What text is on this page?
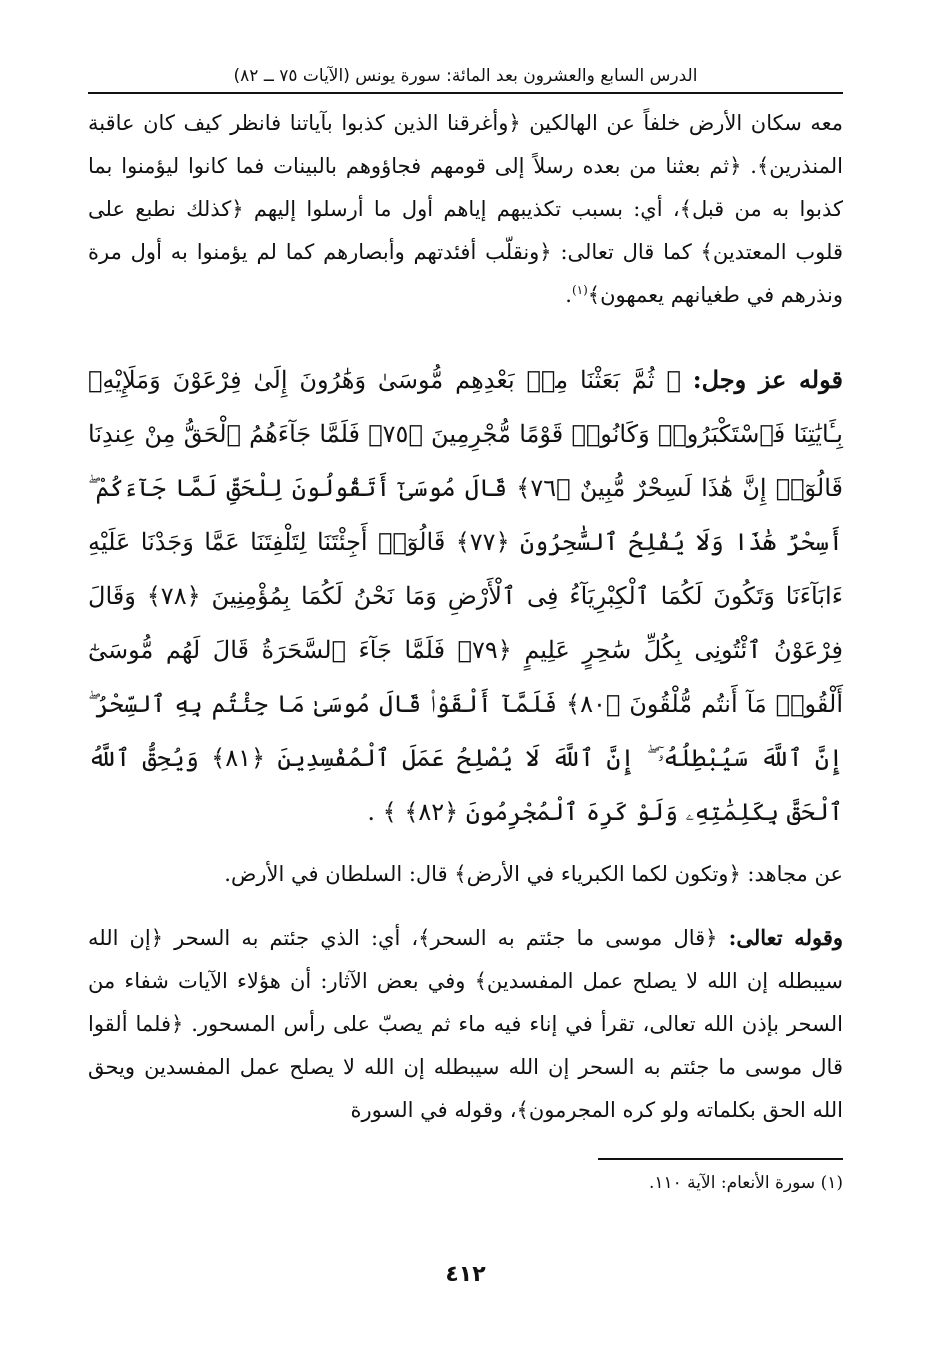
الدرس السابع والعشرون بعد المائة: سورة يونس (الآيات ٧٥ ــ ٨٢)

معه سكان الأرض خلفاً عن الهالكين ﴿وأغرقنا الذين كذبوا بآياتنا فانظر كيف كان عاقبة المنذرين﴾. ﴿ثم بعثنا من بعده رسلاً إلى قومهم فجاؤوهم بالبينات فما كانوا ليؤمنوا بما كذبوا به من قبل﴾، أي: بسبب تكذيبهم إياهم أول ما أرسلوا إليهم ﴿كذلك نطبع على قلوب المعتدين﴾ كما قال تعالى: ﴿ونقلّب أفئدتهم وأبصارهم كما لم يؤمنوا به أول مرة ونذرهم في طغيانهم يعمهون﴾$^{(١)}$.

قوله عز وجل: ﴿ ثُمَّ بَعَثْنَا مِنۢ بَعْدِهِم مُّوسَىٰ وَهَٰرُونَ إِلَىٰ فِرْعَوْنَ وَمَلَإِيْهِۦ بِـَٔايَٰتِنَا فَٱسْتَكْبَرُوا۟ وَكَانُوا۟ قَوْمًا مُّجْرِمِينَ ﴿٧٥﴾ فَلَمَّا جَآءَهُمُ ٱلْحَقُّ مِنْ عِندِنَا قَالُوٓا۟ إِنَّ هَٰذَا لَسِحْرٌ مُّبِينٌ ﴿٧٦﴾ قَالَ مُوسَىٰٓ أَتَقُولُونَ لِلْحَقِّ لَمَّا جَآءَكُمْ ۖ أَسِحْرٌ هَٰذَا وَلَا يُفْلِحُ ٱلسَّٰحِرُونَ ﴿٧٧﴾ قَالُوٓا۟ أَجِئْتَنَا لِتَلْفِتَنَا عَمَّا وَجَدْنَا عَلَيْهِ ءَابَآءَنَا وَتَكُونَ لَكُمَا ٱلْكِبْرِيَآءُ فِى ٱلْأَرْضِ وَمَا نَحْنُ لَكُمَا بِمُؤْمِنِينَ ﴿٧٨﴾ وَقَالَ فِرْعَوْنُ ٱئْتُونِى بِكُلِّ سَٰحِرٍ عَلِيمٍ ﴿٧٩﴾ فَلَمَّا جَآءَ ٱلسَّحَرَةُ قَالَ لَهُم مُّوسَىٰٓ أَلْقُوا۟ مَآ أَنتُم مُّلْقُونَ ﴿٨٠﴾ فَلَمَّآ أَلْقَوْا۟ قَالَ مُوسَىٰ مَا جِئْتُم بِهِ ٱلسِّحْرُ ۖ إِنَّ ٱللَّهَ سَيُبْطِلُهُۥٓ ۖ إِنَّ ٱللَّهَ لَا يُصْلِحُ عَمَلَ ٱلْمُفْسِدِينَ ﴿٨١﴾ وَيُحِقُّ ٱللَّهُ ٱلْحَقَّ بِكَلِمَٰتِهِۦ وَلَوْ كَرِهَ ٱلْمُجْرِمُونَ ﴿٨٢﴾ ﴾ .

عن مجاهد: ﴿وتكون لكما الكبرياء في الأرض﴾ قال: السلطان في الأرض.

وقوله تعالى: ﴿قال موسى ما جئتم به السحر﴾، أي: الذي جئتم به السحر ﴿إن الله سيبطله إن الله لا يصلح عمل المفسدين﴾ وفي بعض الآثار: أن هؤلاء الآيات شفاء من السحر بإذن الله تعالى، تقرأ في إناء فيه ماء ثم يصبّ على رأس المسحور. ﴿فلما ألقوا قال موسى ما جئتم به السحر إن الله سيبطله إن الله لا يصلح عمل المفسدين ويحق الله الحق بكلماته ولو كره المجرمون﴾، وقوله في السورة

(١) سورة الأنعام: الآية ١١٠.
٤١٢
